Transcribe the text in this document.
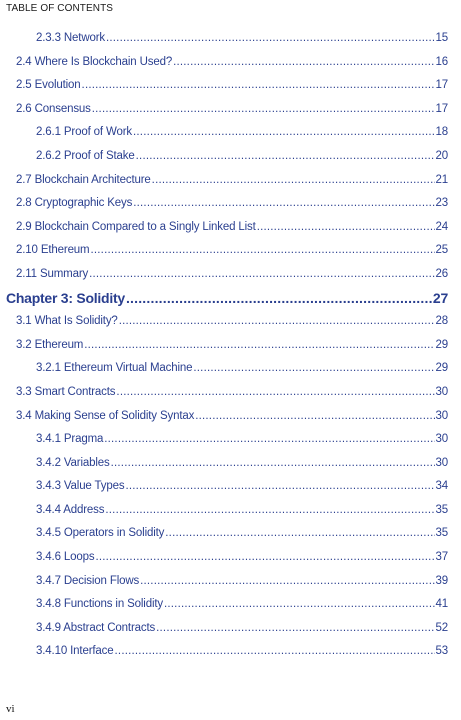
TABLE OF CONTENTS
2.3.3 Network .....	15
2.4 Where Is Blockchain Used? .....	16
2.5 Evolution .....	17
2.6 Consensus .....	17
2.6.1 Proof of Work .....	18
2.6.2 Proof of Stake .....	20
2.7 Blockchain Architecture .....	21
2.8 Cryptographic Keys .....	23
2.9 Blockchain Compared to a Singly Linked List .....	24
2.10 Ethereum .....	25
2.11 Summary .....	26
Chapter 3: Solidity .....	27
3.1 What Is Solidity? .....	28
3.2 Ethereum .....	29
3.2.1 Ethereum Virtual Machine .....	29
3.3 Smart Contracts .....	30
3.4 Making Sense of Solidity Syntax .....	30
3.4.1 Pragma .....	30
3.4.2 Variables .....	30
3.4.3 Value Types .....	34
3.4.4 Address .....	35
3.4.5 Operators in Solidity .....	35
3.4.6 Loops .....	37
3.4.7 Decision Flows .....	39
3.4.8 Functions in Solidity .....	41
3.4.9 Abstract Contracts .....	52
3.4.10 Interface .....	53
vi
